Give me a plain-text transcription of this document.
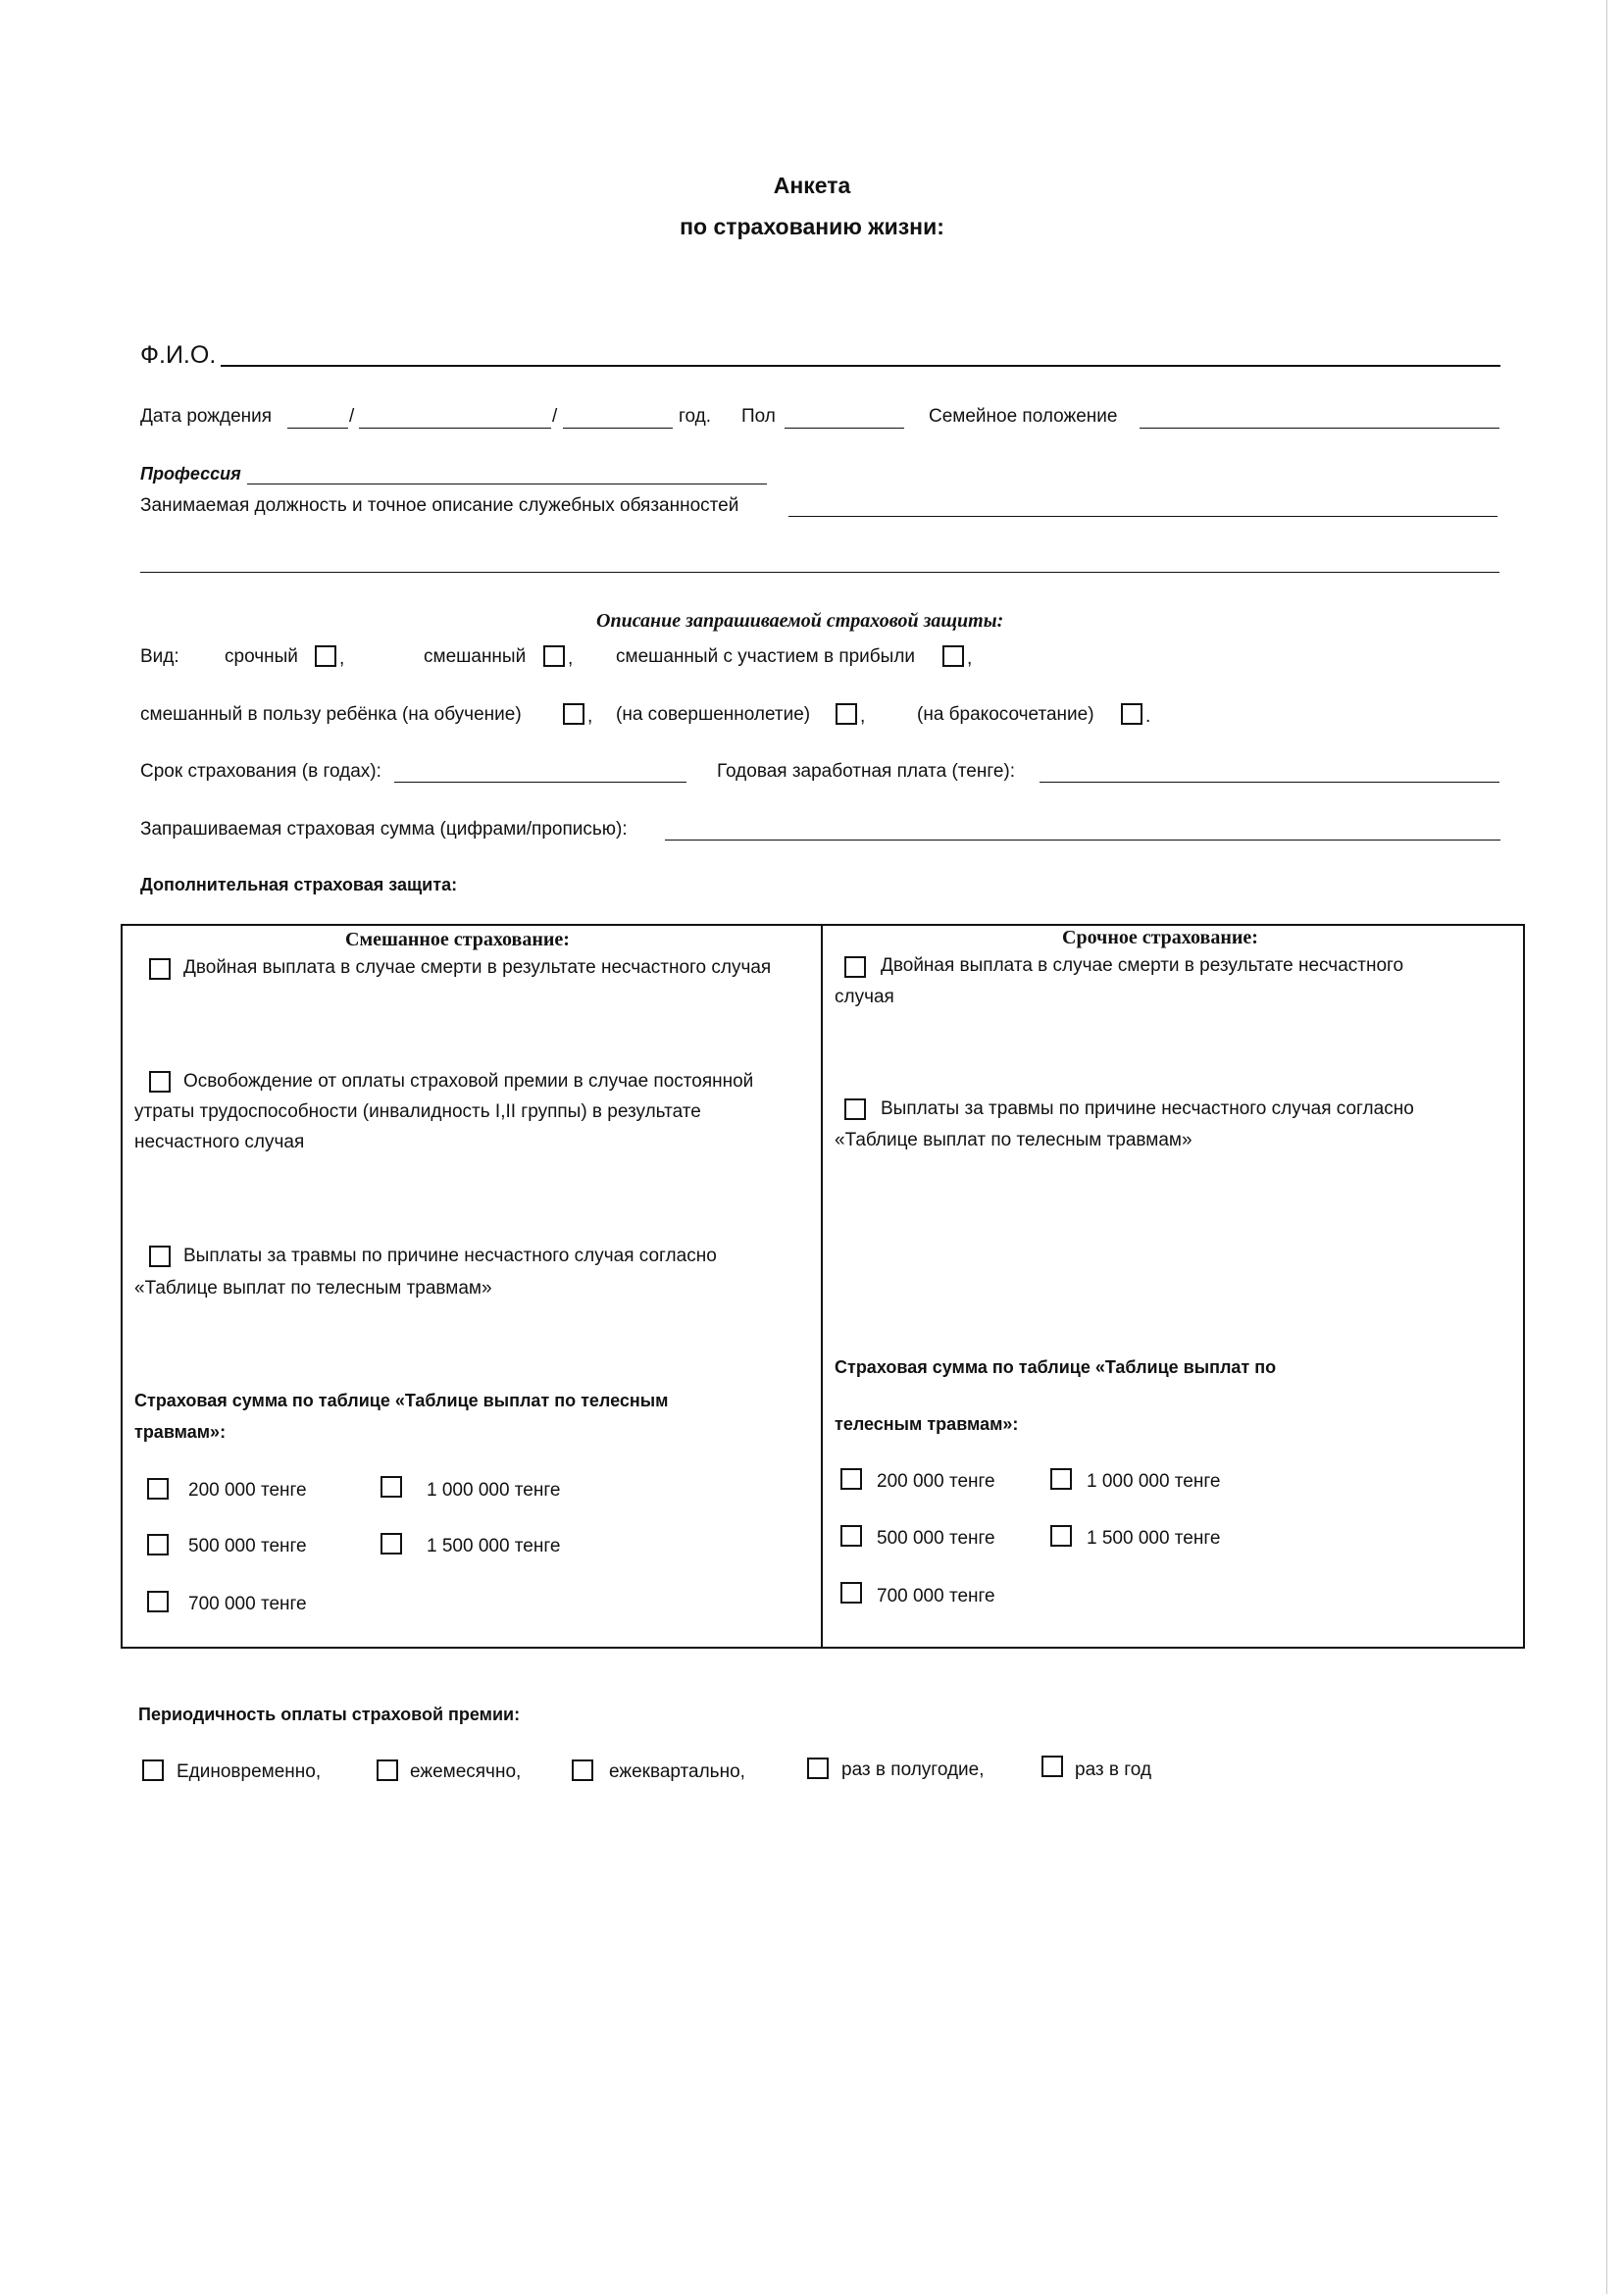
Анкета
по страхованию жизни:
Ф.И.О.
Дата рождения	/	/	год. Пол	Семейное положение
Профессия
Занимаемая должность и точное описание служебных обязанностей
Описание запрашиваемой страховой защиты:
Вид: срочный ,	смешанный , смешанный с участием в прибыли	,
смешанный в пользу ребёнка (на обучение)	, (на совершеннолетие)	,	(на бракосочетание)	.
Срок страхования (в годах):	Годовая заработная плата (тенге):
Запрашиваемая страховая сумма (цифрами/прописью):
Дополнительная страховая защита:
Смешанное страхование:
Двойная выплата в случае смерти в результате несчастного случая
Освобождение от оплаты страховой премии в случае постоянной
утраты трудоспособности (инвалидность I,II группы) в результате
несчастного случая
Выплаты за травмы по причине несчастного случая согласно
«Таблице выплат по телесным травмам»
Страховая сумма по таблице «Таблице выплат по телесным
травмам»:
200 000 тенге	1 000 000 тенге
500 000 тенге	1 500 000 тенге
700 000 тенге
Срочное страхование:
Двойная выплата в случае смерти в результате несчастного
случая
Выплаты за травмы по причине несчастного случая согласно
«Таблице выплат по телесным травмам»
Страховая сумма по таблице «Таблице выплат по
телесным травмам»:
200 000 тенге	1 000 000 тенге
500 000 тенге	1 500 000 тенге
700 000 тенге
Периодичность оплаты страховой премии:
Единовременно,	ежемесячно,	ежеквартально,	раз в полугодие,	раз в год
